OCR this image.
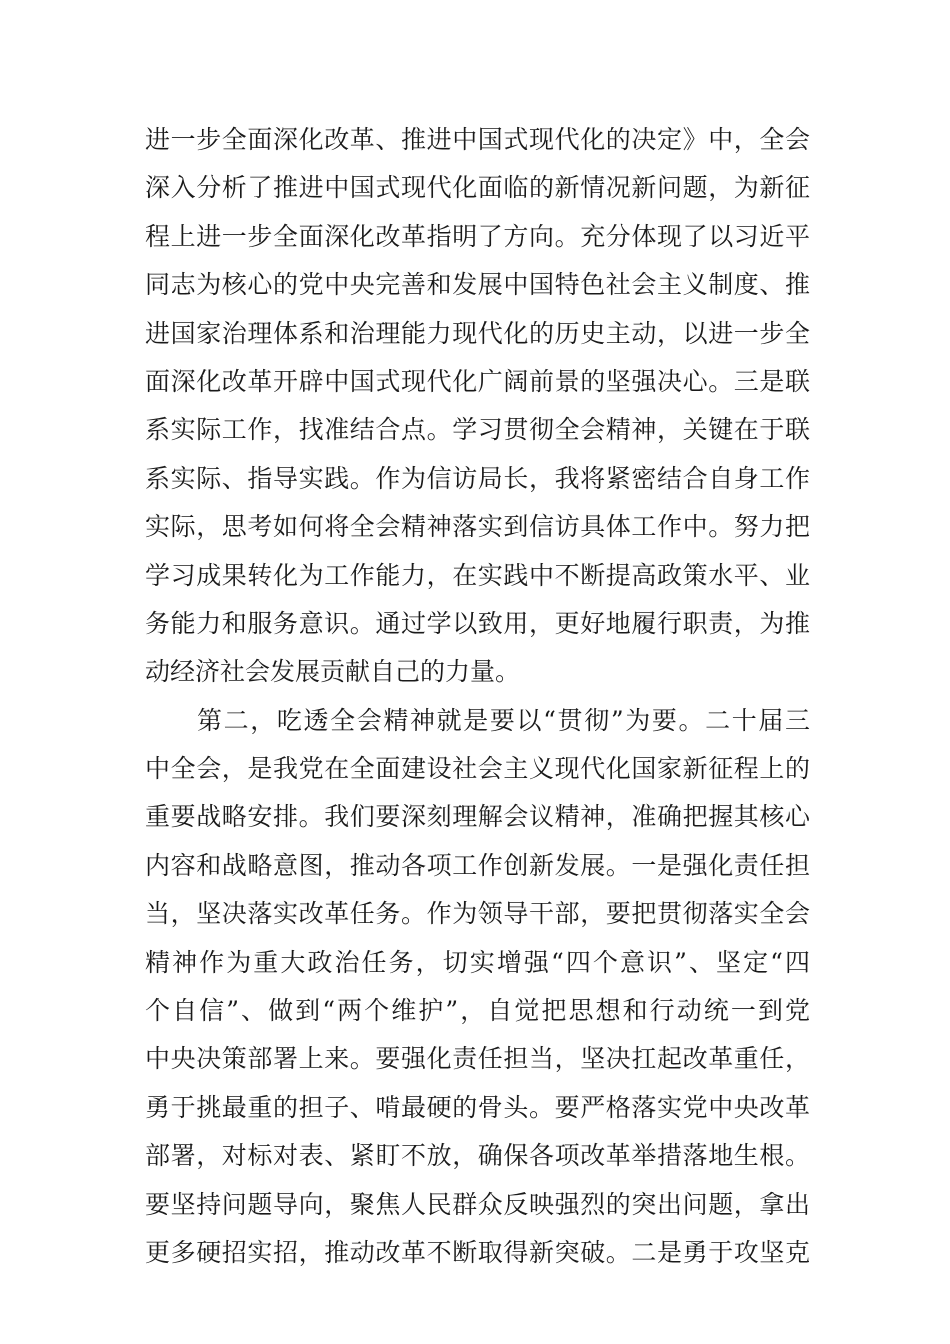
进一步全面深化改革、推进中国式现代化的决定》中，全会
深入分析了推进中国式现代化面临的新情况新问题，为新征
程上进一步全面深化改革指明了方向。充分体现了以习近平
同志为核心的党中央完善和发展中国特色社会主义制度、推
进国家治理体系和治理能力现代化的历史主动，以进一步全
面深化改革开辟中国式现代化广阔前景的坚强决心。三是联
系实际工作，找准结合点。学习贯彻全会精神，关键在于联
系实际、指导实践。作为信访局长，我将紧密结合自身工作
实际，思考如何将全会精神落实到信访具体工作中。努力把
学习成果转化为工作能力，在实践中不断提高政策水平、业
务能力和服务意识。通过学以致用，更好地履行职责，为推
动经济社会发展贡献自己的力量。
第二，吃透全会精神就是要以“贯彻”为要。二十届三
中全会，是我党在全面建设社会主义现代化国家新征程上的
重要战略安排。我们要深刻理解会议精神，准确把握其核心
内容和战略意图，推动各项工作创新发展。一是强化责任担
当，坚决落实改革任务。作为领导干部，要把贯彻落实全会
精神作为重大政治任务，切实增强“四个意识”、坚定“四
个自信”、做到“两个维护”，自觉把思想和行动统一到党
中央决策部署上来。要强化责任担当，坚决扛起改革重任，
勇于挑最重的担子、啃最硬的骨头。要严格落实党中央改革
部署，对标对表、紧盯不放，确保各项改革举措落地生根。
要坚持问题导向，聚焦人民群众反映强烈的突出问题，拿出
更多硬招实招，推动改革不断取得新突破。二是勇于攻坚克
